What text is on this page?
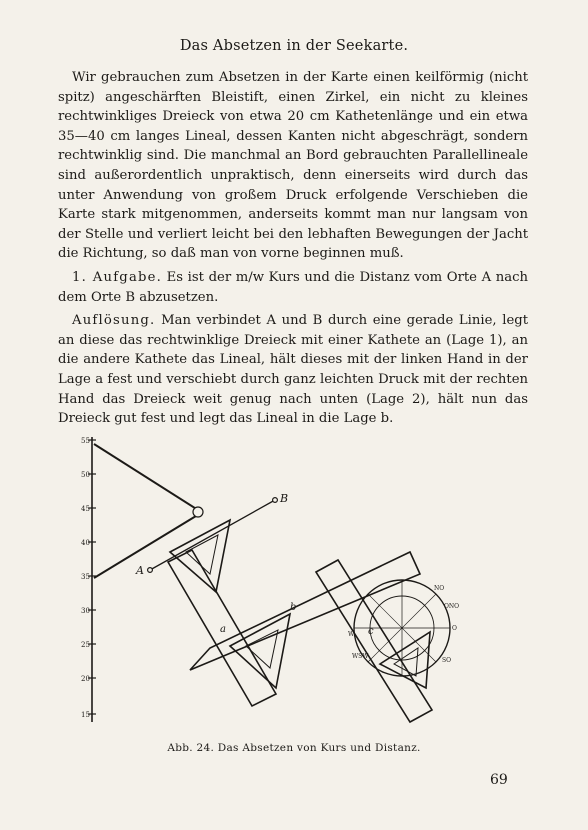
Das Absetzen in der Seekarte.

Wir gebrauchen zum Absetzen in der Karte einen keilförmig (nicht spitz) angeschärften Bleistift, einen Zirkel, ein nicht zu kleines rechtwinkliges Dreieck von etwa 20 cm Kathetenlänge und ein etwa 35—40 cm langes Lineal, dessen Kanten nicht abgeschrägt, sondern rechtwinklig sind. Die manchmal an Bord gebrauchten Parallellineale sind außerordentlich unpraktisch, denn einerseits wird durch das unter Anwendung von großem Druck erfolgende Verschieben die Karte stark mitgenommen, anderseits kommt man nur langsam von der Stelle und verliert leicht bei den lebhaften Bewegungen der Jacht die Richtung, so daß man von vorne beginnen muß.

1. Aufgabe. Es ist der m/w Kurs und die Distanz vom Orte A nach dem Orte B abzusetzen.

Auflösung. Man verbindet A und B durch eine gerade Linie, legt an diese das rechtwinklige Dreieck mit einer Kathete an (Lage 1), an die andere Kathete das Lineal, hält dieses mit der linken Hand in der Lage a fest und verschiebt durch ganz leichten Druck mit der rechten Hand das Dreieck weit genug nach unten (Lage 2), hält nun das Dreieck gut fest und legt das Lineal in die Lage b.

55
50
45
40
35
30
25
20
15
A
B
a
b
c
NO
ONO
O
SO
W
WSW
Abb. 24. Das Absetzen von Kurs und Distanz.
69
